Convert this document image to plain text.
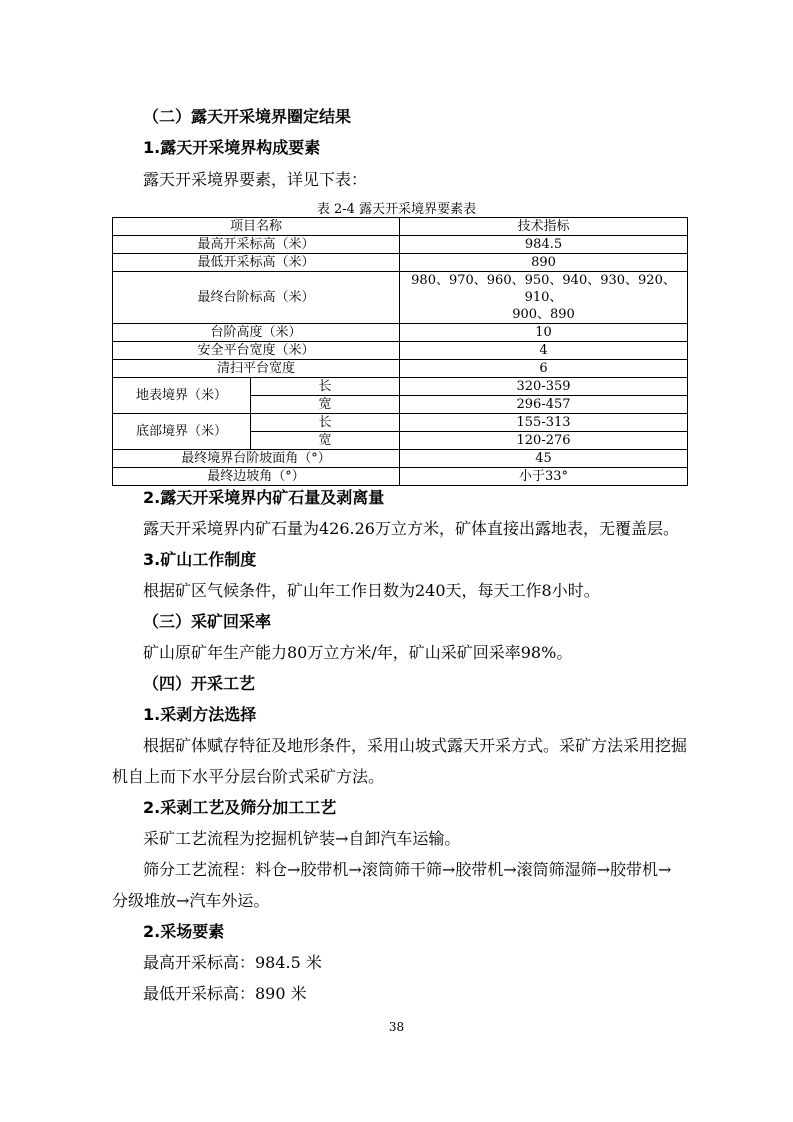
（二）露天开采境界圈定结果
1.露天开采境界构成要素
露天开采境界要素，详见下表：
表 2-4 露天开采境界要素表
项目名称		技术指标
最高开采标高（米）		984.5
最低开采标高（米）		890
最终台阶标高（米）		980、970、960、950、940、930、920、910、
900、890

台阶高度（米）		10
安全平台宽度（米）		4
清扫平台宽度		6
地表境界（米）	长	320-359
	宽	296-457
底部境界（米）	长	155-313
	宽	120-276
最终境界台阶坡面角（°）		45
最终边坡角（°）		小于33°
2.露天开采境界内矿石量及剥离量
露天开采境界内矿石量为426.26万立方米，矿体直接出露地表，无覆盖层。
3.矿山工作制度
根据矿区气候条件，矿山年工作日数为240天，每天工作8小时。
（三）采矿回采率
矿山原矿年生产能力80万立方米/年，矿山采矿回采率98%。
（四）开采工艺
1.采剥方法选择
根据矿体赋存特征及地形条件，采用山坡式露天开采方式。采矿方法采用挖掘
机自上而下水平分层台阶式采矿方法。
2.采剥工艺及筛分加工工艺
采矿工艺流程为挖掘机铲装→自卸汽车运输。
筛分工艺流程：料仓→胶带机→滚筒筛干筛→胶带机→滚筒筛湿筛→胶带机→
分级堆放→汽车外运。
2.采场要素
最高开采标高：984.5 米
最低开采标高：890 米
38
